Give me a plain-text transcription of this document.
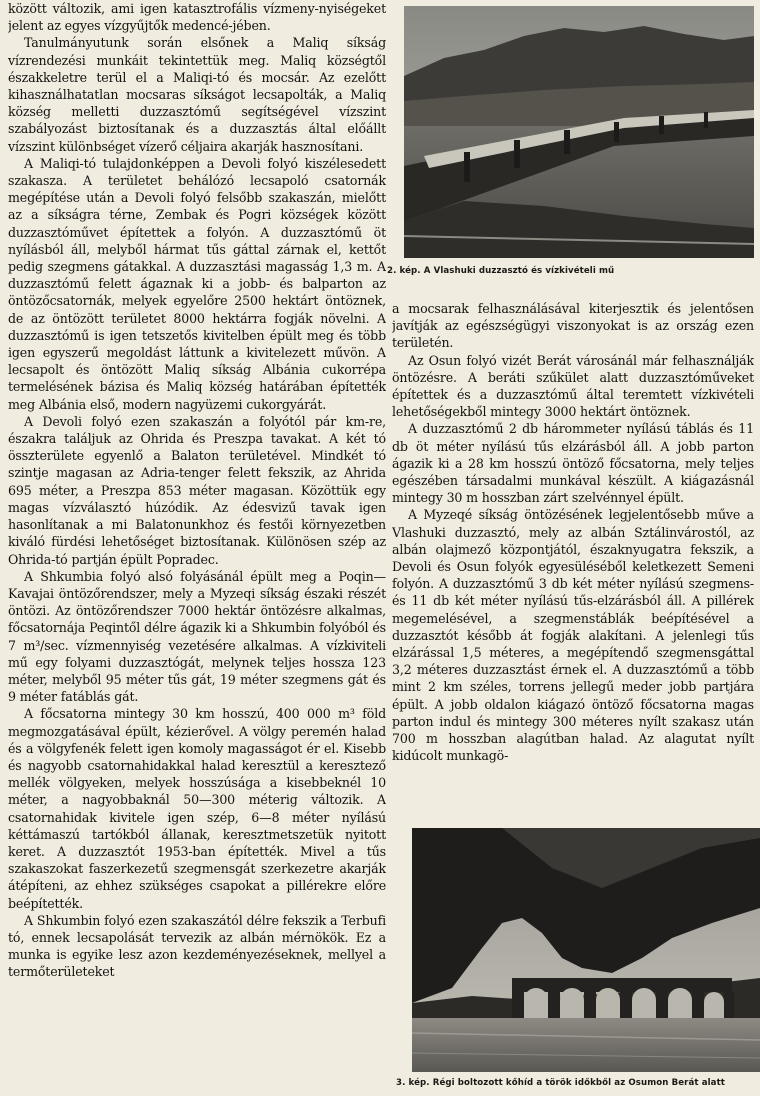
között változik, ami igen katasztrofális vízmeny-nyiségeket jelent az egyes vízgyűjtők medencé-jében.

Tanulmányutunk során elsőnek a Maliq síkság vízrendezési munkáit tekintettük meg. Maliq községtől északkeletre terül el a Maliqi-tó és mocsár. Az ezelőtt kihasználhatatlan mocsaras síkságot lecsapolták, a Maliq község melletti duzzasztómű segítségével vízszint szabályozást biztosítanak és a duzzasztás által előállt vízszint különbséget vízerő céljaira akarják hasznosítani.

A Maliqi-tó tulajdonképpen a Devoli folyó kiszélesedett szakasza. A területet behálózó lecsapoló csatornák megépítése után a Devoli folyó felsőbb szakaszán, mielőtt az a síkságra térne, Zembak és Pogri községek között duzzasztóművet építettek a folyón. A duzzasztómű öt nyílásból áll, melyből hármat tűs gáttal zárnak el, kettőt pedig szegmens gátakkal. A duzzasztási magasság 1,3 m. A duzzasztómű felett ágaznak ki a jobb- és balparton az öntözőcsatornák, melyek egyelőre 2500 hektárt öntöznek, de az öntözött területet 8000 hektárra fogják növelni. A duzzasztómű is igen tetszetős kivitelben épült meg és több igen egyszerű megoldást láttunk a kivitelezett művön. A lecsapolt és öntözött Maliq síkság Albánia cukorrépa termelésének bázisa és Maliq község határában építették meg Albánia első, modern nagyüzemi cukorgyárát.

A Devoli folyó ezen szakaszán a folyótól pár km-re, északra találjuk az Ohrida és Preszpa tavakat. A két tó összterülete egyenlő a Balaton területével. Mindkét tó szintje magasan az Adria-tenger felett fekszik, az Ahrida 695 méter, a Preszpa 853 méter magasan. Közöttük egy magas vízválasztó húzódik. Az édesvizű tavak igen hasonlítanak a mi Balatonunkhoz és festői környezetben kiváló fürdési lehetőséget biztosítanak. Különösen szép az Ohrida-tó partján épült Popradec.

A Shkumbia folyó alsó folyásánál épült meg a Poqin—Kavajai öntözőrendszer, mely a Myzeqi síkság északi részét öntözi. Az öntözőrendszer 7000 hektár öntözésre alkalmas, főcsatornája Peqintől délre ágazik ki a Shkumbin folyóból és 7 m³/sec. vízmennyiség vezetésére alkalmas. A vízkiviteli mű egy folyami duzzasztógát, melynek teljes hossza 123 méter, melyből 95 méter tűs gát, 19 méter szegmens gát és 9 méter fatáblás gát.

A főcsatorna mintegy 30 km hosszú, 400 000 m³ föld megmozgatásával épült, kézierővel. A völgy peremén halad és a völgyfenék felett igen komoly magasságot ér el. Kisebb és nagyobb csatornahidakkal halad keresztül a keresztező mellék völgyeken, melyek hosszúsága a kisebbeknél 10 méter, a nagyobbaknál 50—300 méterig változik. A csatornahidak kivitele igen szép, 6—8 méter nyílású kéttámaszú tartókból állanak, keresztmetszetük nyitott keret. A duzzasztót 1953-ban építették. Mivel a tűs szakaszokat faszerkezetű szegmensgát szerkezetre akarják átépíteni, az ehhez szükséges csapokat a pillérekre előre beépítették.

A Shkumbin folyó ezen szakaszától délre fekszik a Terbufi tó, ennek lecsapolását tervezik az albán mérnökök. Ez a munka is egyike lesz azon kezdeményezéseknek, mellyel a termőterületeket

2. kép. A Vlashuki duzzasztó és vízkivételi mű

a mocsarak felhasználásával kiterjesztik és jelentősen javítják az egészségügyi viszonyokat is az ország ezen területén.

Az Osun folyó vizét Berát városánál már felhasználják öntözésre. A beráti szűkület alatt duzzasztóműveket építettek és a duzzasztómű által teremtett vízkivételi lehetőségekből mintegy 3000 hektárt öntöznek.

A duzzasztómű 2 db hárommeter nyílású táblás és 11 db öt méter nyílású tűs elzárásból áll. A jobb parton ágazik ki a 28 km hosszú öntöző főcsatorna, mely teljes egészében társadalmi munkával készült. A kiágazásnál mintegy 30 m hosszban zárt szelvénnyel épült.

A Myzeqé síkság öntözésének legjelentősebb műve a Vlashuki duzzasztó, mely az albán Sztálinvárostól, az albán olajmező központjától, északnyugatra fekszik, a Devoli és Osun folyók egyesüléséből keletkezett Semeni folyón. A duzzasztómű 3 db két méter nyílású szegmens- és 11 db két méter nyílású tűs-elzárásból áll. A pillérek megemelésével, a szegmenstáblák beépítésével a duzzasztót később át fogják alakítani. A jelenlegi tűs elzárással 1,5 méteres, a megépítendő szegmensgáttal 3,2 méteres duzzasztást érnek el. A duzzasztómű a több mint 2 km széles, torrens jellegű meder jobb partjára épült. A jobb oldalon kiágazó öntöző főcsatorna magas parton indul és mintegy 300 méteres nyílt szakasz után 700 m hosszban alagútban halad. Az alagutat nyílt kidúcolt munkagö-

3. kép. Régi boltozott kőhíd a török időkből az Osumon Berát alatt
